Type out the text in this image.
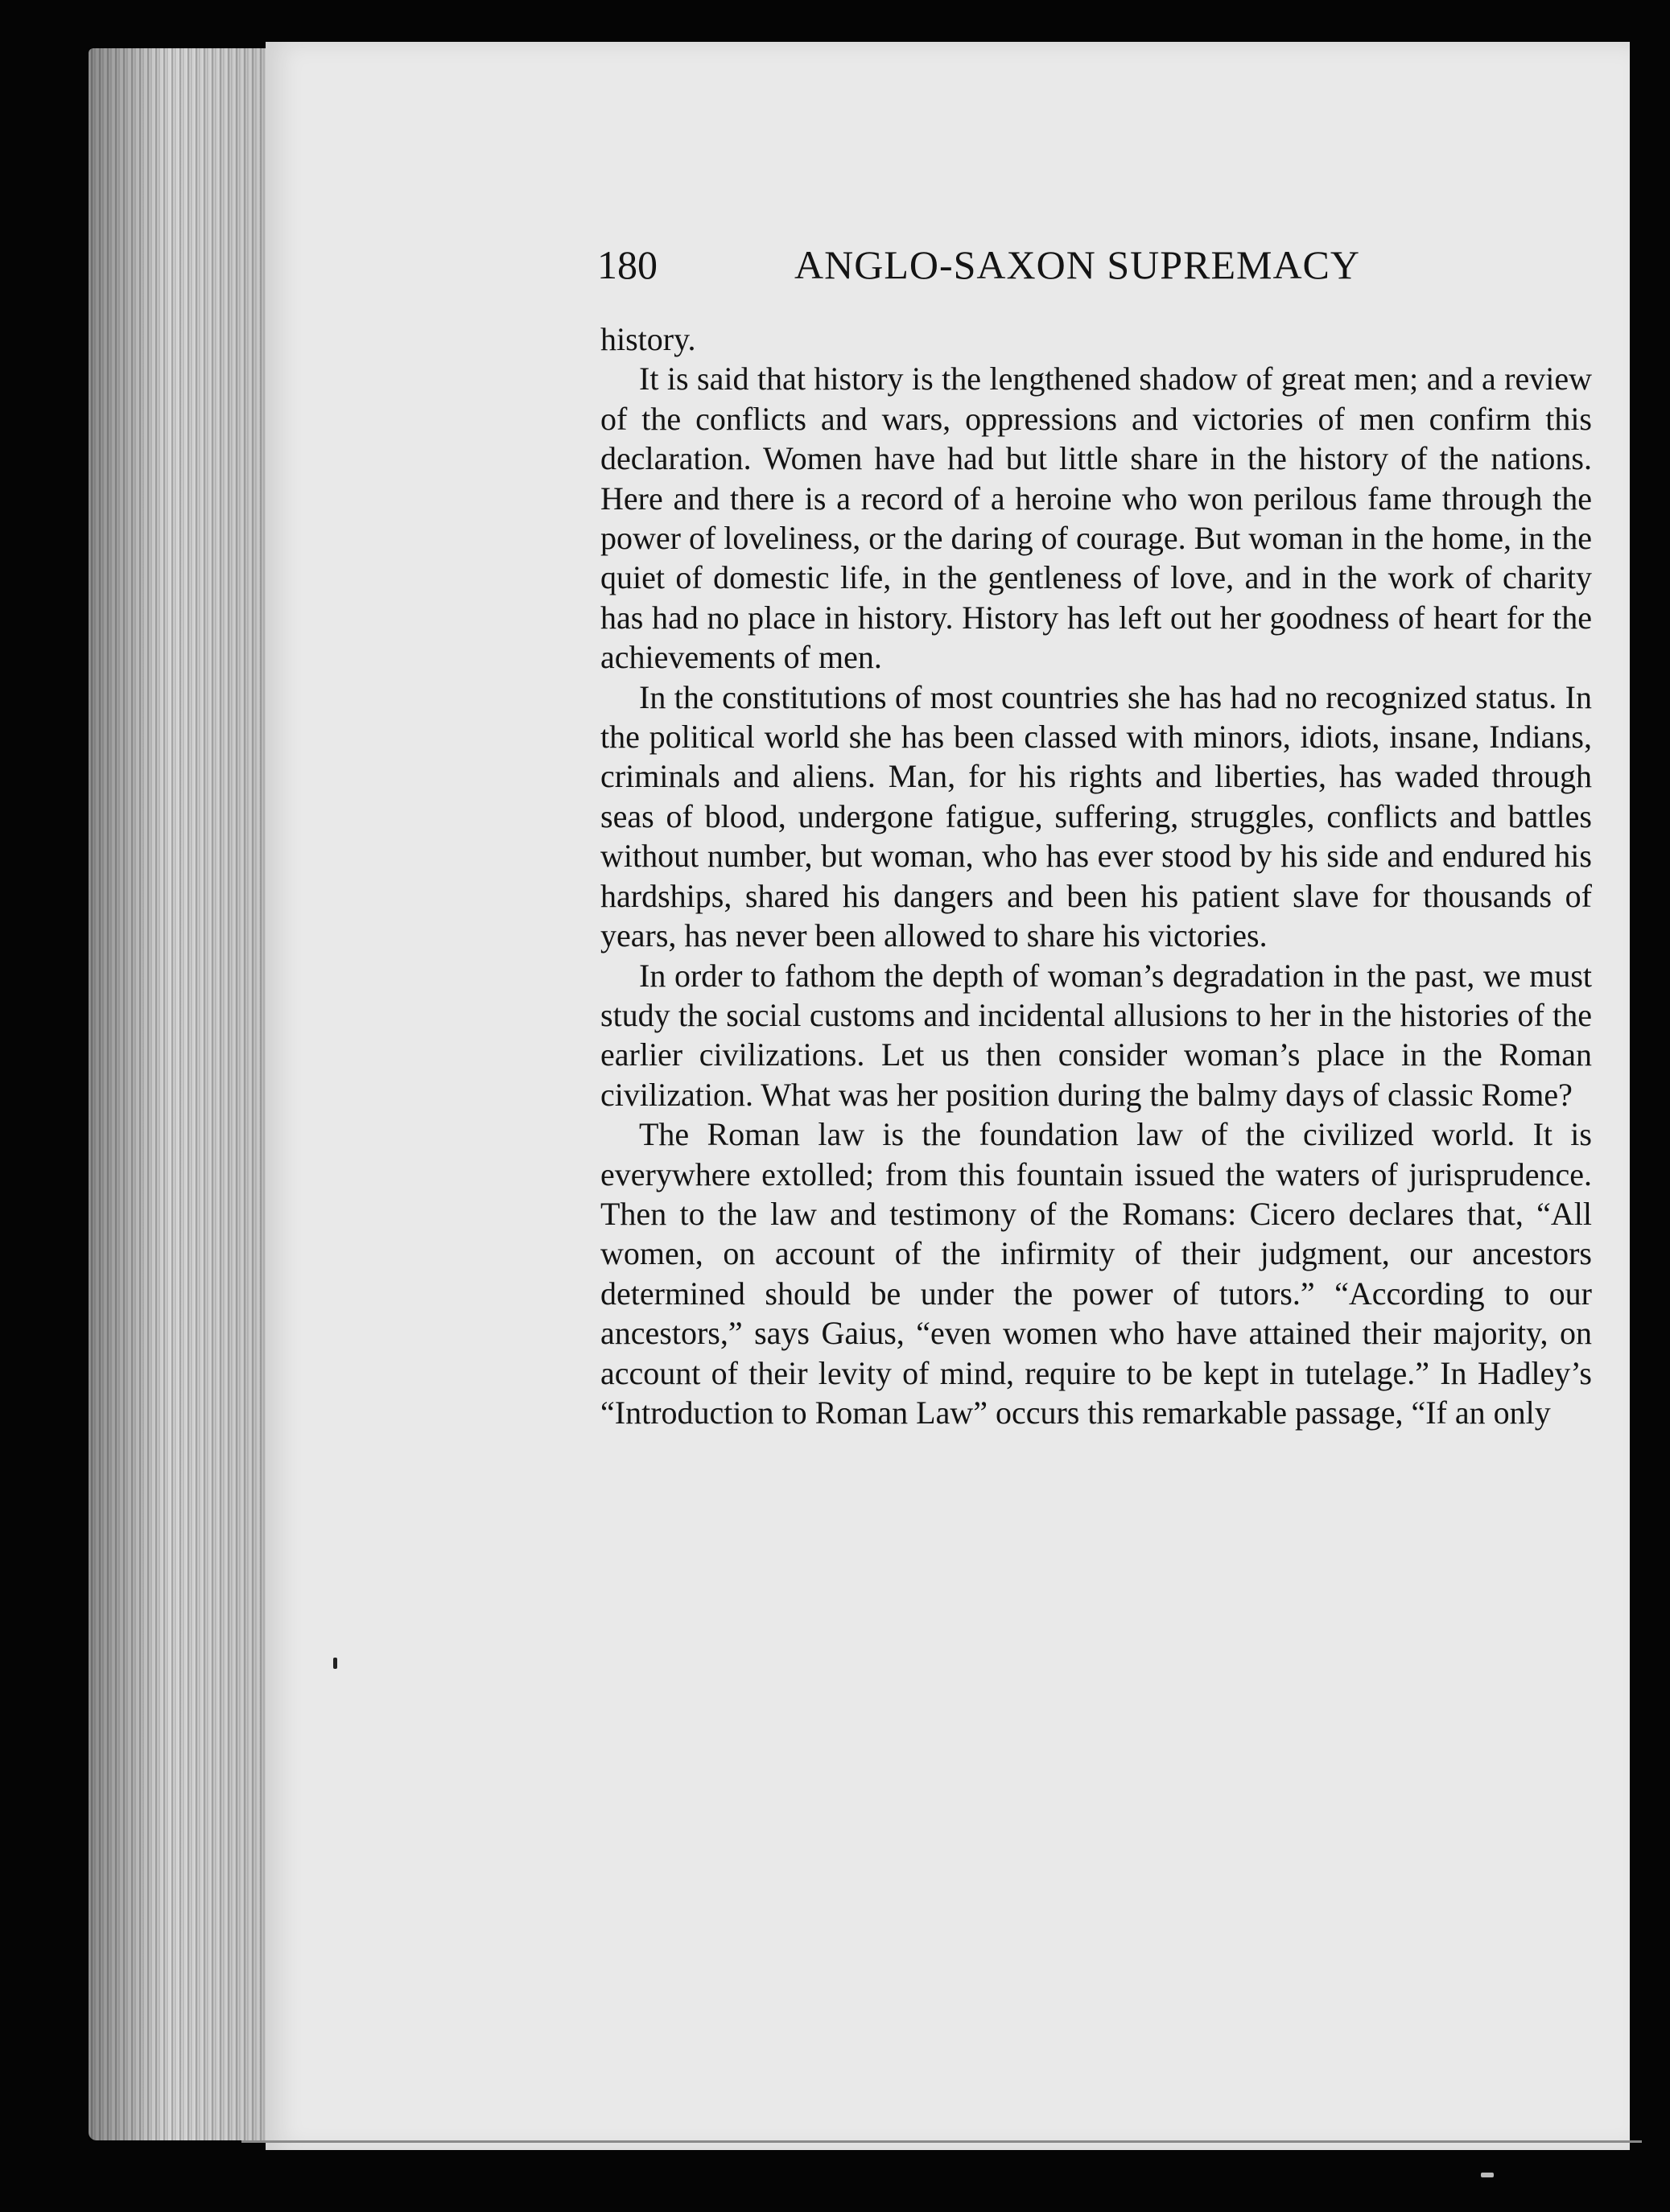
180	ANGLO-SAXON SUPREMACY

history.

It is said that history is the lengthened shadow of great men; and a review of the conflicts and wars, oppressions and victories of men confirm this declaration. Women have had but little share in the history of the nations. Here and there is a record of a heroine who won perilous fame through the power of loveliness, or the daring of courage. But woman in the home, in the quiet of domestic life, in the gentleness of love, and in the work of charity has had no place in history. History has left out her goodness of heart for the achievements of men.

In the constitutions of most countries she has had no recognized status. In the political world she has been classed with minors, idiots, insane, Indians, criminals and aliens. Man, for his rights and liberties, has waded through seas of blood, undergone fatigue, suffering, struggles, conflicts and battles without number, but woman, who has ever stood by his side and endured his hardships, shared his dangers and been his patient slave for thousands of years, has never been allowed to share his victories.

In order to fathom the depth of woman’s degradation in the past, we must study the social customs and incidental allusions to her in the histories of the earlier civilizations. Let us then consider woman’s place in the Roman civilization. What was her position during the balmy days of classic Rome?

The Roman law is the foundation law of the civilized world. It is everywhere extolled; from this fountain issued the waters of jurisprudence. Then to the law and testimony of the Romans: Cicero declares that, “All women, on account of the infirmity of their judgment, our ancestors determined should be under the power of tutors.” “According to our ancestors,” says Gaius, “even women who have attained their majority, on account of their levity of mind, require to be kept in tutelage.” In Hadley’s “Introduction to Roman Law” occurs this remarkable passage, “If an only
